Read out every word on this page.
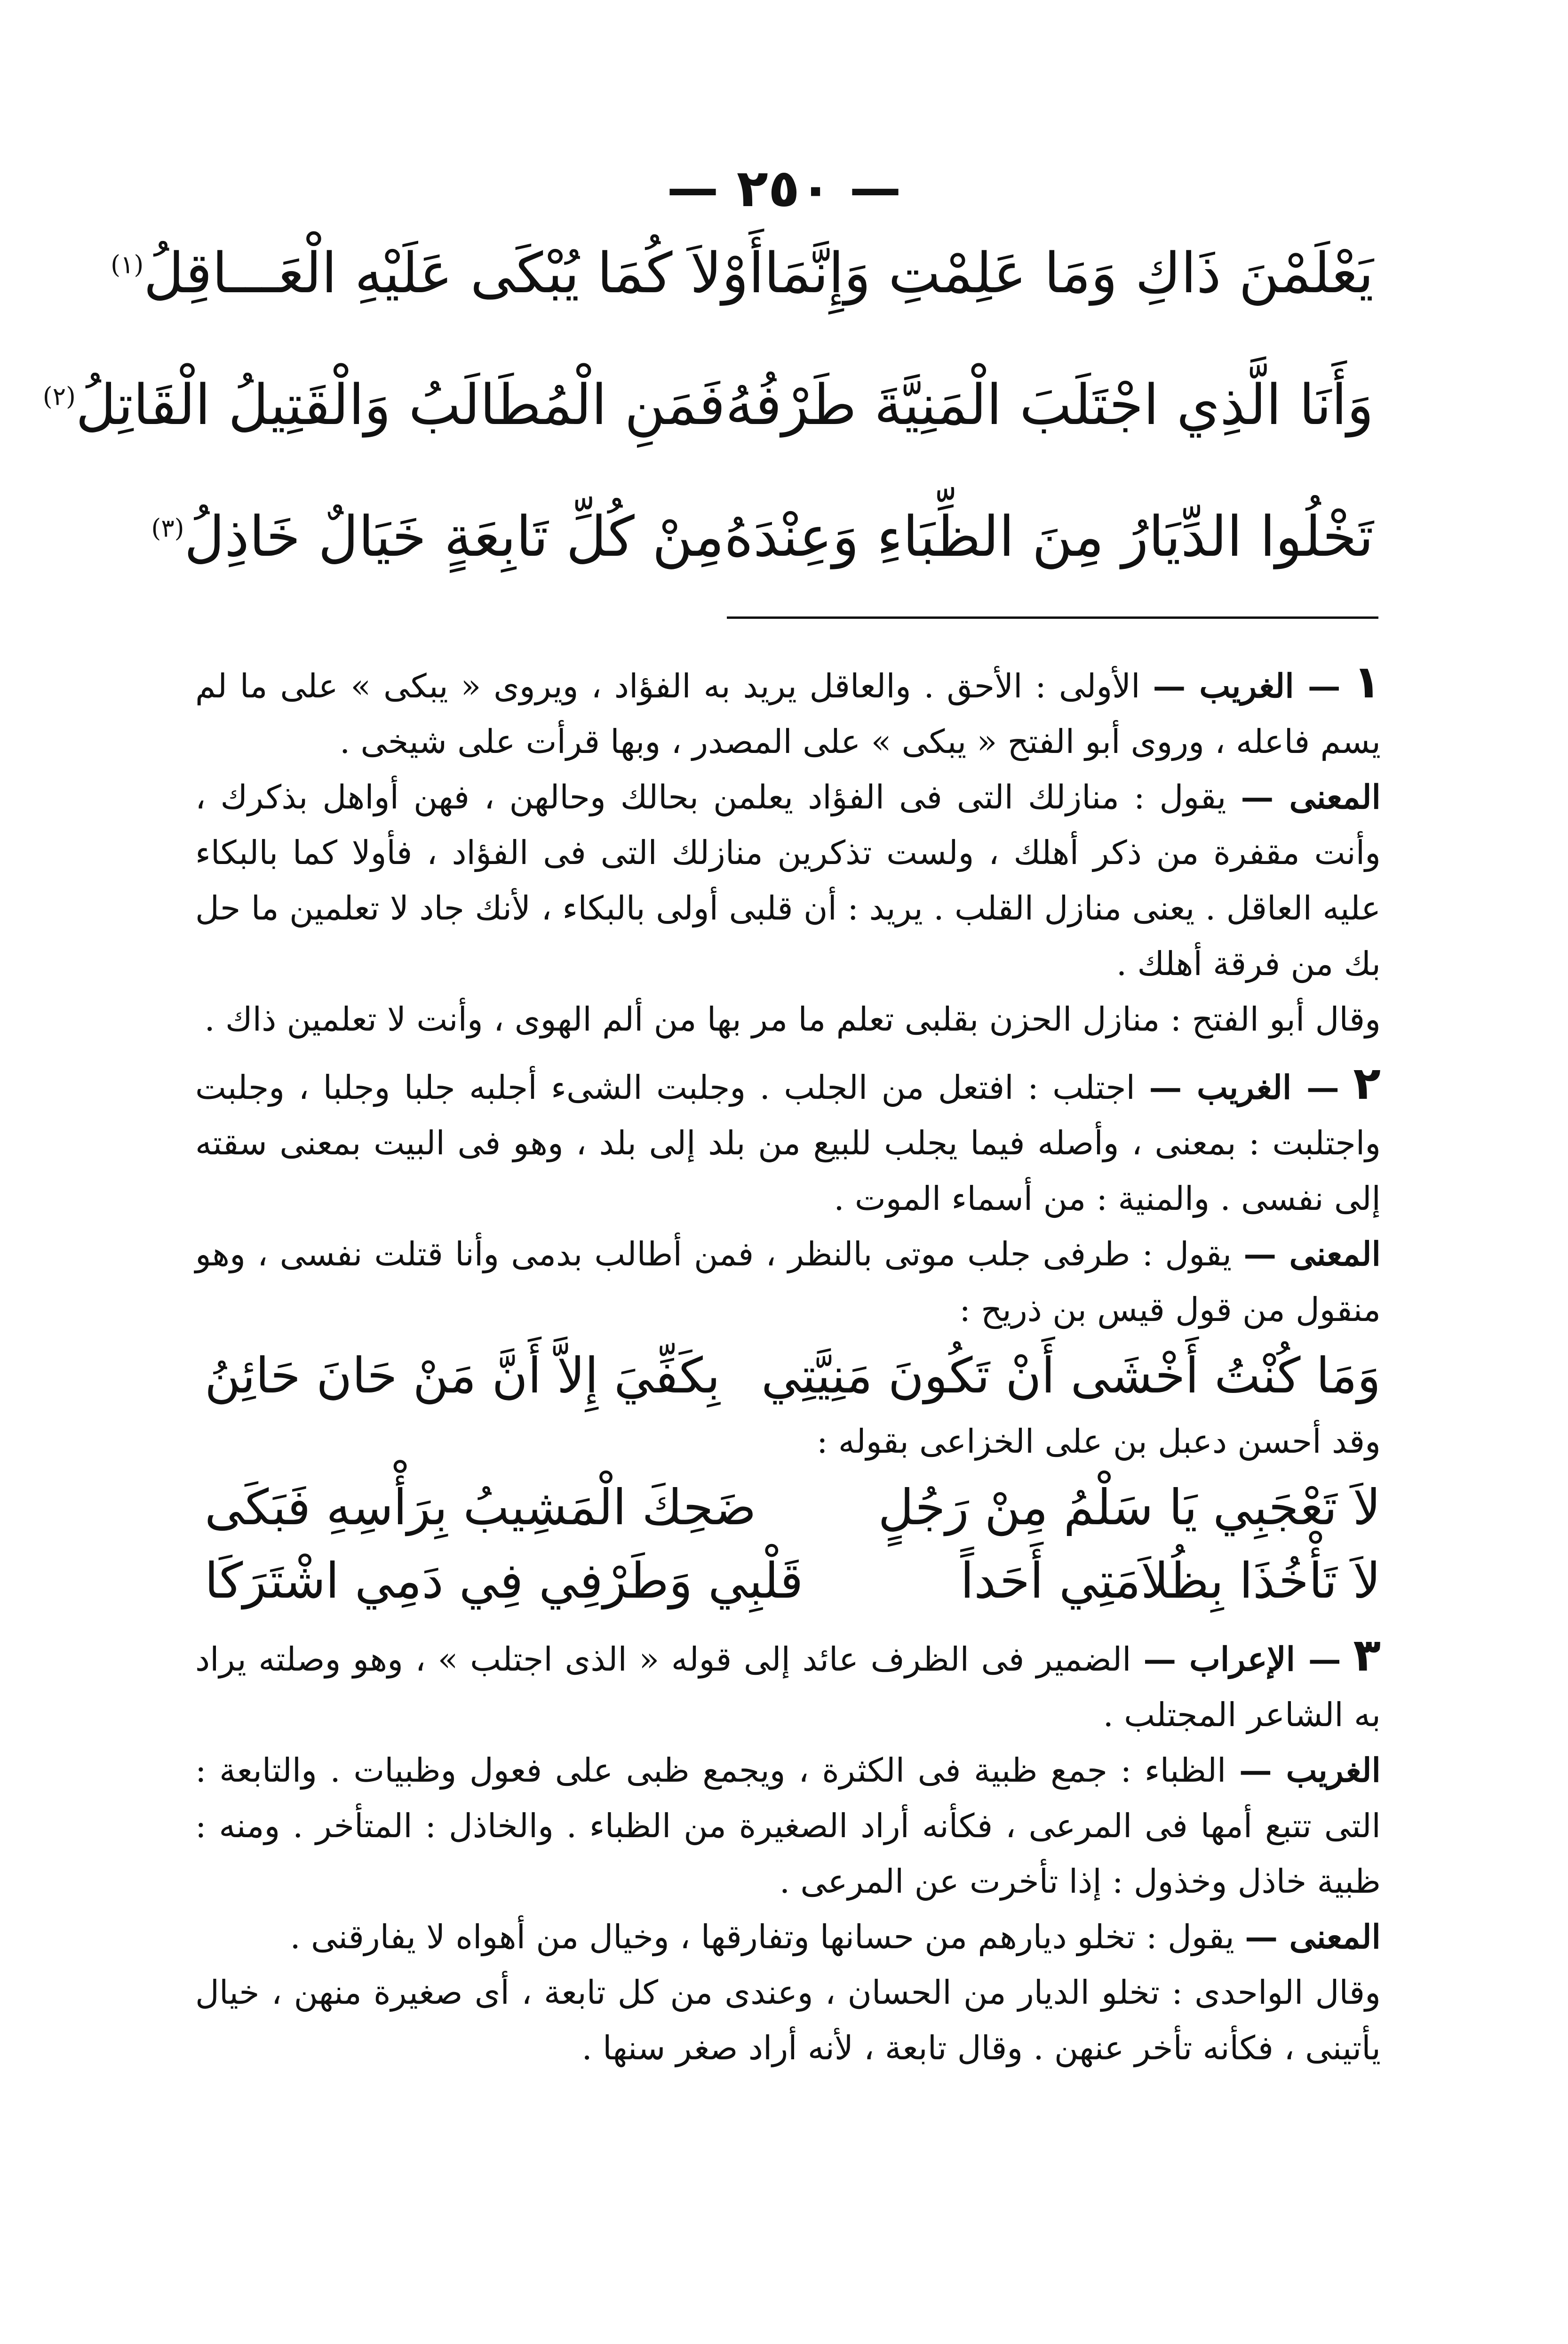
— ٢٥٠ —
يَعْلَمْنَ ذَاكِ وَمَا عَلِمْتِ وَإِنَّمَا
أَوْلاَ كُمَا يُبْكَى عَلَيْهِ الْعَـــاقِلُ$^{(١)}$
وَأَنَا الَّذِي اجْتَلَبَ الْمَنِيَّةَ طَرْفُهُ
فَمَنِ الْمُطَالَبُ وَالْقَتِيلُ الْقَاتِلُ$^{(٢)}$
تَخْلُوا الدِّيَارُ مِنَ الظِّبَاءِ وَعِنْدَهُ
مِنْ كُلِّ تَابِعَةٍ خَيَالٌ خَاذِلُ$^{(٣)}$

١ — الغريب — الأولى : الأحق . والعاقل يريد به الفؤاد ، ويروى « يبكى » على ما لم يسم فاعله ، وروى أبو الفتح « يبكى » على المصدر ، وبها قرأت على شيخى .

المعنى — يقول : منازلك التى فى الفؤاد يعلمن بحالك وحالهن ، فهن أواهل بذكرك ، وأنت مقفرة من ذكر أهلك ، ولست تذكرين منازلك التى فى الفؤاد ، فأولا كما بالبكاء عليه العاقل . يعنى منازل القلب . يريد : أن قلبى أولى بالبكاء ، لأنك جاد لا تعلمين ما حل بك من فرقة أهلك .

وقال أبو الفتح : منازل الحزن بقلبى تعلم ما مر بها من ألم الهوى ، وأنت لا تعلمين ذاك .

٢ — الغريب — اجتلب : افتعل من الجلب . وجلبت الشىء أجلبه جلبا وجلبا ، وجلبت واجتلبت : بمعنى ، وأصله فيما يجلب للبيع من بلد إلى بلد ، وهو فى البيت بمعنى سقته إلى نفسى . والمنية : من أسماء الموت .

المعنى — يقول : طرفى جلب موتى بالنظر ، فمن أطالب بدمى وأنا قتلت نفسى ، وهو منقول من قول قيس بن ذريح :

وَمَا كُنْتُ أَخْشَى أَنْ تَكُونَ مَنِيَّتِي
بِكَفِّيَ إِلاَّ أَنَّ مَنْ حَانَ حَائِنُ

وقد أحسن دعبل بن على الخزاعى بقوله :

لاَ تَعْجَبِي يَا سَلْمُ مِنْ رَجُلٍ
ضَحِكَ الْمَشِيبُ بِرَأْسِهِ فَبَكَى
لاَ تَأْخُذَا بِظُلاَمَتِي أَحَداً
قَلْبِي وَطَرْفِي فِي دَمِي اشْتَرَكَا

٣ — الإعراب — الضمير فى الظرف عائد إلى قوله « الذى اجتلب » ، وهو وصلته يراد به الشاعر المجتلب .

الغريب — الظباء : جمع ظبية فى الكثرة ، ويجمع ظبى على فعول وظبيات . والتابعة : التى تتبع أمها فى المرعى ، فكأنه أراد الصغيرة من الظباء . والخاذل : المتأخر . ومنه : ظبية خاذل وخذول : إذا تأخرت عن المرعى .

المعنى — يقول : تخلو ديارهم من حسانها وتفارقها ، وخيال من أهواه لا يفارقنى .

وقال الواحدى : تخلو الديار من الحسان ، وعندى من كل تابعة ، أى صغيرة منهن ، خيال يأتينى ، فكأنه تأخر عنهن . وقال تابعة ، لأنه أراد صغر سنها .
